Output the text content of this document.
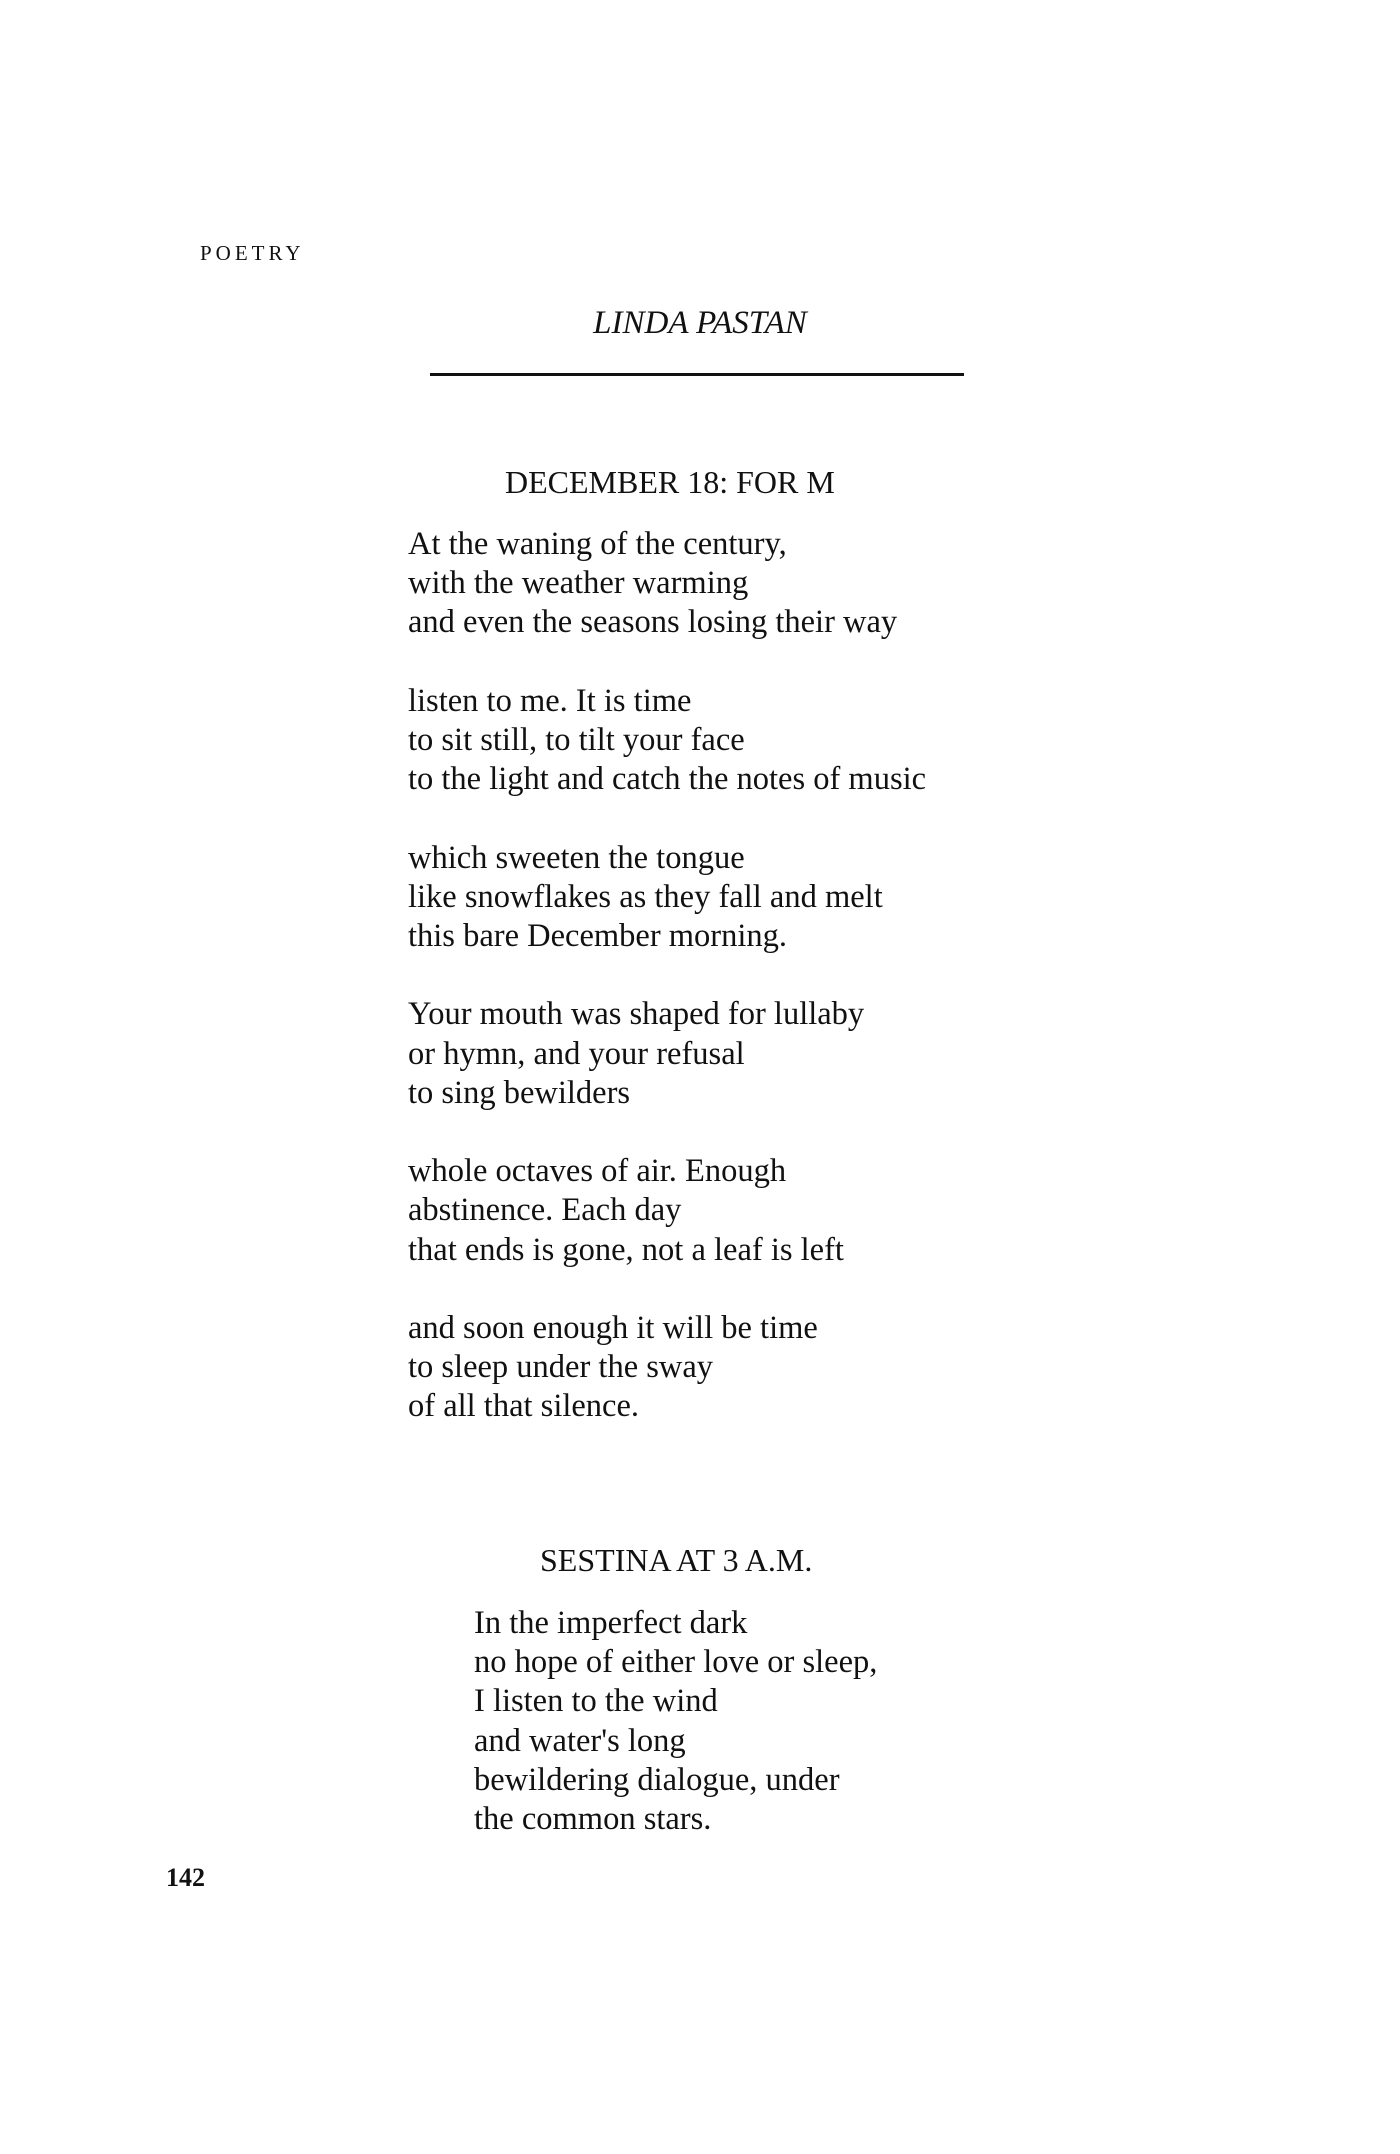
POETRY
LINDA PASTAN
DECEMBER 18: FOR M
At the waning of the century,
with the weather warming
and even the seasons losing their way
listen to me. It is time
to sit still, to tilt your face
to the light and catch the notes of music
which sweeten the tongue
like snowflakes as they fall and melt
this bare December morning.
Your mouth was shaped for lullaby
or hymn, and your refusal
to sing bewilders
whole octaves of air. Enough
abstinence. Each day
that ends is gone, not a leaf is left
and soon enough it will be time
to sleep under the sway
of all that silence.
SESTINA AT 3 A.M.
In the imperfect dark
no hope of either love or sleep,
I listen to the wind
and water's long
bewildering dialogue, under
the common stars.
142
